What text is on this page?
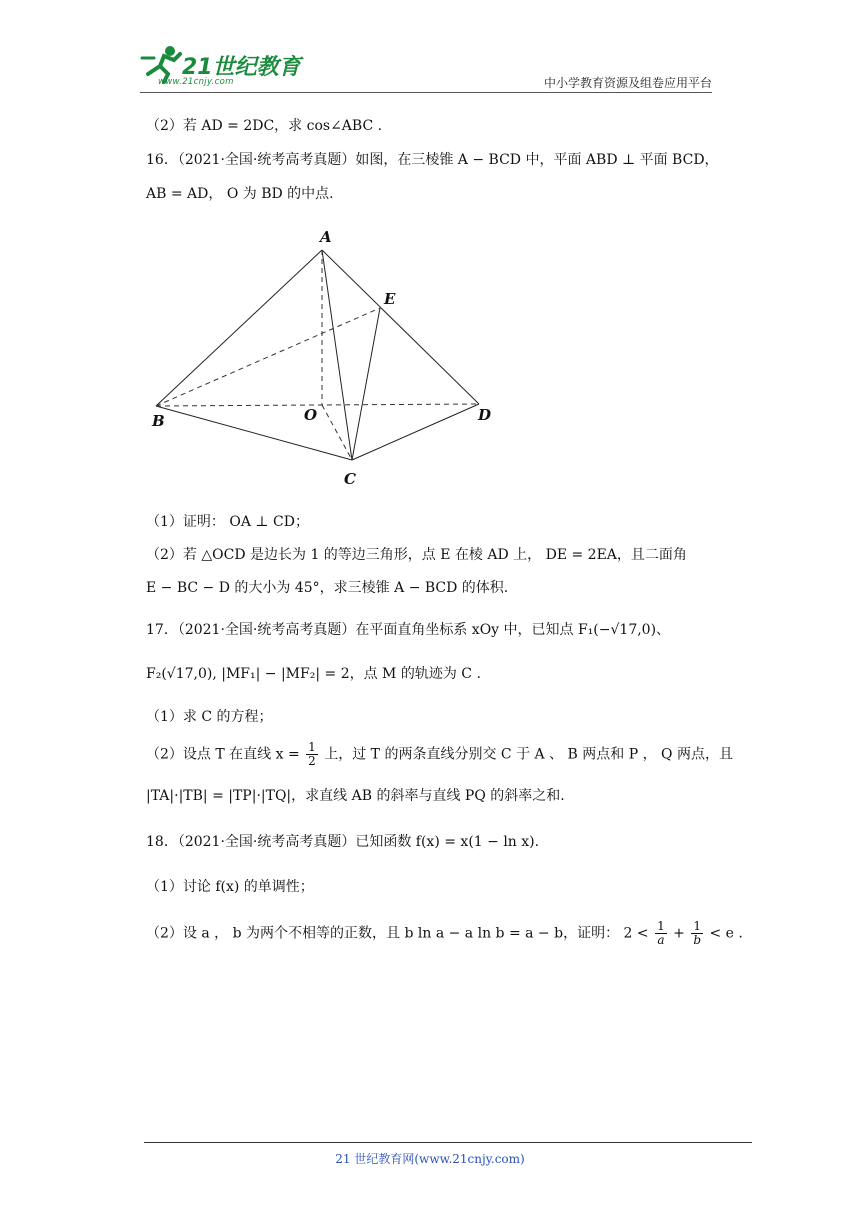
21世纪教育
www.21cnjy.com	中小学教育资源及组卷应用平台
（2）若 AD = 2DC，求 cos∠ABC .
16．（2021·全国·统考高考真题）如图，在三棱锥 A − BCD 中，平面 ABD ⊥ 平面 BCD，
AB = AD， O 为 BD 的中点.
A
E
B	O	D
C
（1）证明： OA ⊥ CD；
（2）若 △OCD 是边长为 1 的等边三角形，点 E 在棱 AD 上， DE = 2EA，且二面角
E − BC − D 的大小为 45°，求三棱锥 A − BCD 的体积.
17．（2021·全国·统考高考真题）在平面直角坐标系 xOy 中，已知点 F₁(−√17,0)、
F₂(√17,0), |MF₁| − |MF₂| = 2，点 M 的轨迹为 C .
（1）求 C 的方程；
（2）设点 T 在直线 $x = \frac{1}{2}$ 上，过 T 的两条直线分别交 C 于 A 、 B 两点和 P ， Q 两点，且
|TA|·|TB| = |TP|·|TQ|，求直线 AB 的斜率与直线 PQ 的斜率之和.
18．（2021·全国·统考高考真题）已知函数 f(x) = x(1 − ln x).
（1）讨论 f(x) 的单调性；
（2）设 a ， b 为两个不相等的正数，且 b ln a − a ln b = a − b，证明： $2 < \frac{1}{a} + \frac{1}{b} < e$ .
21 世纪教育网(www.21cnjy.com)
